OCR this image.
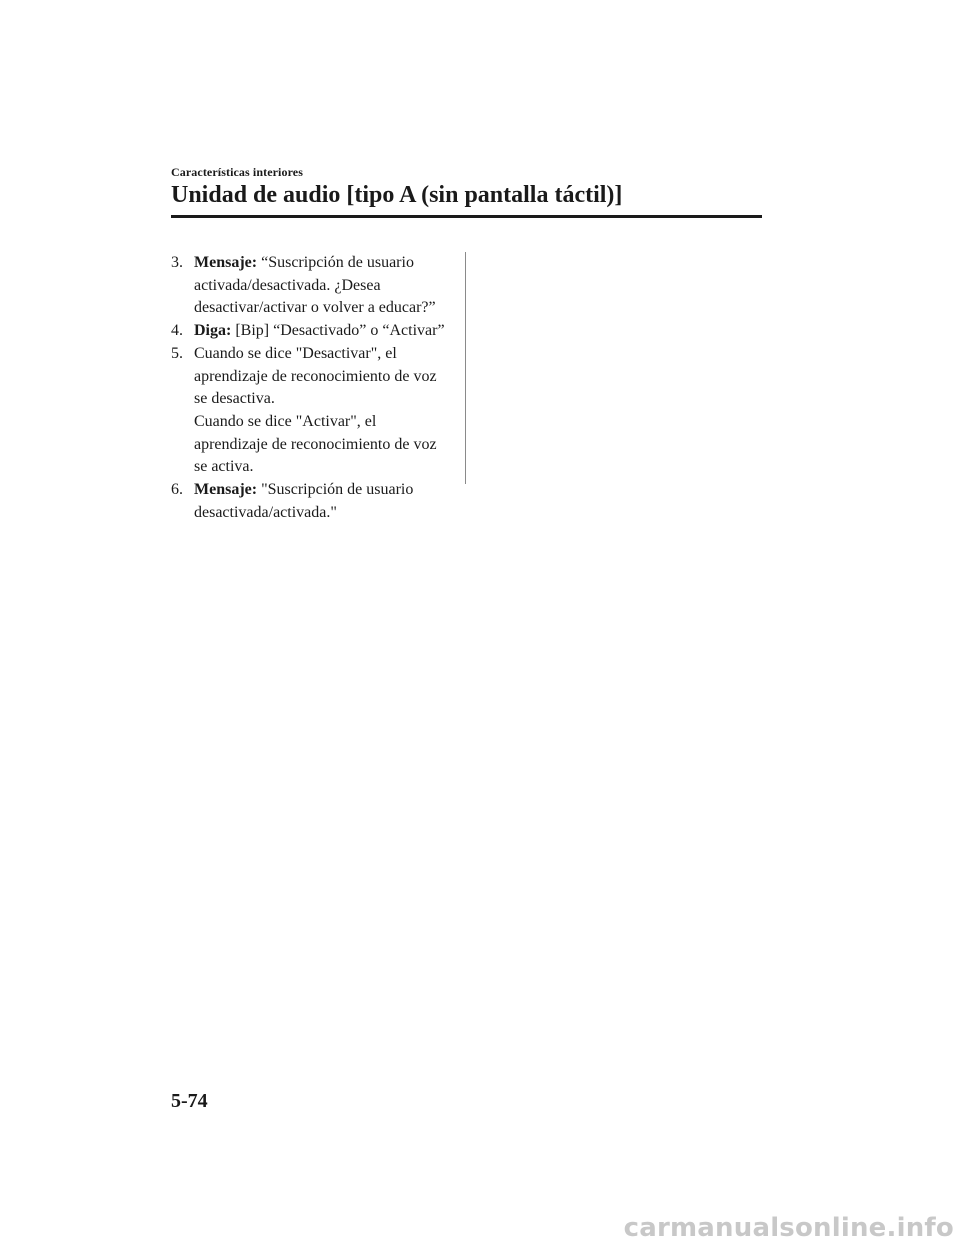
Características interiores
Unidad de audio [tipo A (sin pantalla táctil)]
3. Mensaje: “Suscripción de usuario
activada/desactivada. ¿Desea
desactivar/activar o volver a educar?”
4. Diga: [Bip] “Desactivado” o “Activar”
5. Cuando se dice "Desactivar", el
aprendizaje de reconocimiento de voz
se desactiva.
Cuando se dice "Activar", el
aprendizaje de reconocimiento de voz
se activa.
6. Mensaje: "Suscripción de usuario
desactivada/activada."
5-74
carmanualsonline.info
